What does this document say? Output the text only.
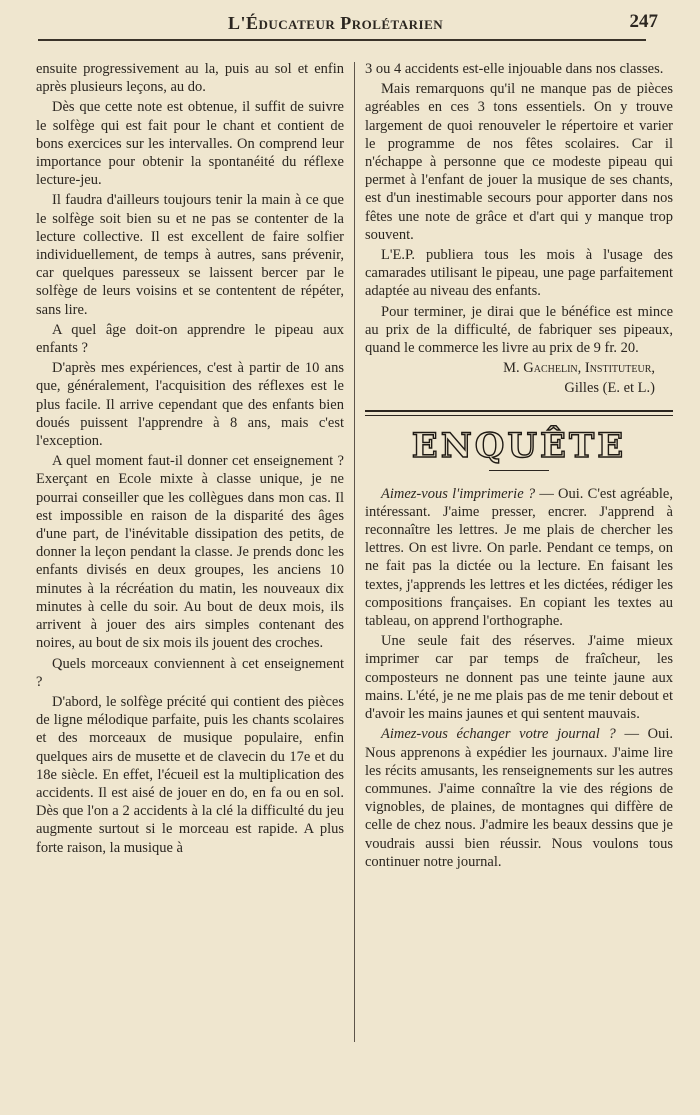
L'Éducateur Prolétarien	247

ensuite progressivement au la, puis au sol et enfin après plusieurs leçons, au do.

Dès que cette note est obtenue, il suffit de suivre le solfège qui est fait pour le chant et contient de bons exercices sur les intervalles. On comprend leur importance pour obtenir la spontanéité du réflexe lecture-jeu.

Il faudra d'ailleurs toujours tenir la main à ce que le solfège soit bien su et ne pas se contenter de la lecture collective. Il est excellent de faire solfier individuellement, de temps à autres, sans prévenir, car quelques paresseux se laissent bercer par le solfège de leurs voisins et se contentent de répéter, sans lire.

A quel âge doit-on apprendre le pipeau aux enfants ?

D'après mes expériences, c'est à partir de 10 ans que, généralement, l'acquisition des réflexes est le plus facile. Il arrive cependant que des enfants bien doués puissent l'apprendre à 8 ans, mais c'est l'exception.

A quel moment faut-il donner cet enseignement ? Exerçant en Ecole mixte à classe unique, je ne pourrai conseiller que les collègues dans mon cas. Il est impossible en raison de la disparité des âges d'une part, de l'inévitable dissipation des petits, de donner la leçon pendant la classe. Je prends donc les enfants divisés en deux groupes, les anciens 10 minutes à la récréation du matin, les nouveaux dix minutes à celle du soir. Au bout de deux mois, ils arrivent à jouer des airs simples contenant des noires, au bout de six mois ils jouent des croches.

Quels morceaux conviennent à cet enseignement ?

D'abord, le solfège précité qui contient des pièces de ligne mélodique parfaite, puis les chants scolaires et des morceaux de musique populaire, enfin quelques airs de musette et de clavecin du 17e et du 18e siècle. En effet, l'écueil est la multiplication des accidents. Il est aisé de jouer en do, en fa ou en sol. Dès que l'on a 2 accidents à la clé la difficulté du jeu augmente surtout si le morceau est rapide. A plus forte raison, la musique à

3 ou 4 accidents est-elle injouable dans nos classes.

Mais remarquons qu'il ne manque pas de pièces agréables en ces 3 tons essentiels. On y trouve largement de quoi renouveler le répertoire et varier le programme de nos fêtes scolaires. Car il n'échappe à personne que ce modeste pipeau qui permet à l'enfant de jouer la musique de ses chants, est d'un inestimable secours pour apporter dans nos fêtes une note de grâce et d'art qui y manque trop souvent.

L'E.P. publiera tous les mois à l'usage des camarades utilisant le pipeau, une page parfaitement adaptée au niveau des enfants.

Pour terminer, je dirai que le bénéfice est mince au prix de la difficulté, de fabriquer ses pipeaux, quand le commerce les livre au prix de 9 fr. 20.

M. Gachelin, Instituteur,

Gilles (E. et L.)

ENQUÊTE

Aimez-vous l'imprimerie ? — Oui. C'est agréable, intéressant. J'aime presser, encrer. J'apprend à reconnaître les lettres. Je me plais de chercher les lettres. On est livre. On parle. Pendant ce temps, on ne fait pas la dictée ou la lecture. En faisant les textes, j'apprends les lettres et les dictées, rédiger les compositions françaises. En copiant les textes au tableau, on apprend l'orthographe.

Une seule fait des réserves. J'aime mieux imprimer car par temps de fraîcheur, les composteurs ne donnent pas une teinte jaune aux mains. L'été, je ne me plais pas de me tenir debout et d'avoir les mains jaunes et qui sentent mauvais.

Aimez-vous échanger votre journal ? — Oui. Nous apprenons à expédier les journaux. J'aime lire les récits amusants, les renseignements sur les autres communes. J'aime connaître la vie des régions de vignobles, de plaines, de montagnes qui diffère de celle de chez nous. J'admire les beaux dessins que je voudrais aussi bien réussir. Nous voulons tous continuer notre journal.
